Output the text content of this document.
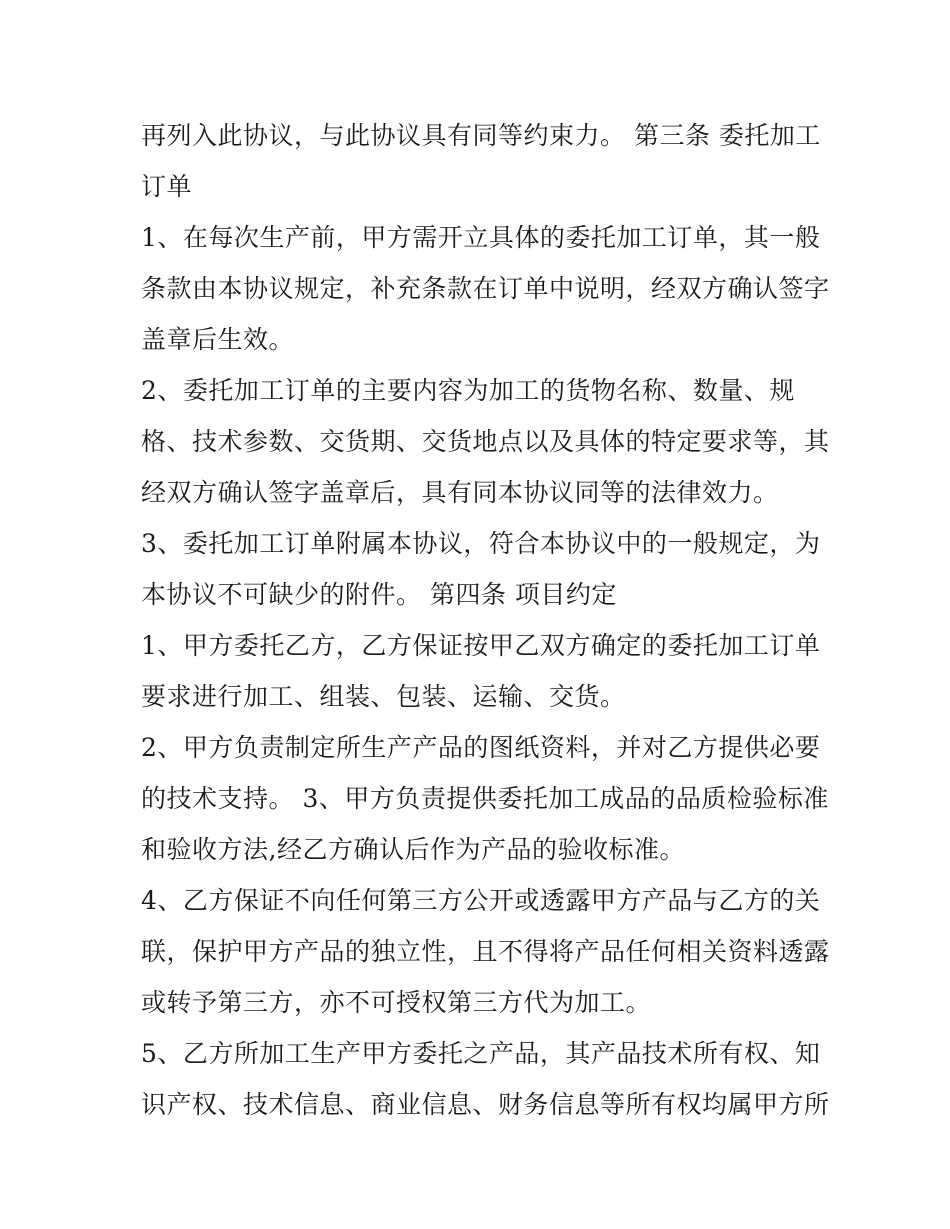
再列入此协议，与此协议具有同等约束力。 第三条 委托加工
订单
1、在每次生产前，甲方需开立具体的委托加工订单，其一般
条款由本协议规定，补充条款在订单中说明，经双方确认签字
盖章后生效。
2、委托加工订单的主要内容为加工的货物名称、数量、规
格、技术参数、交货期、交货地点以及具体的特定要求等，其
经双方确认签字盖章后，具有同本协议同等的法律效力。
3、委托加工订单附属本协议，符合本协议中的一般规定，为
本协议不可缺少的附件。 第四条 项目约定
1、甲方委托乙方，乙方保证按甲乙双方确定的委托加工订单
要求进行加工、组装、包装、运输、交货。
2、甲方负责制定所生产产品的图纸资料，并对乙方提供必要
的技术支持。 3、甲方负责提供委托加工成品的品质检验标准
和验收方法,经乙方确认后作为产品的验收标准。
4、乙方保证不向任何第三方公开或透露甲方产品与乙方的关
联，保护甲方产品的独立性，且不得将产品任何相关资料透露
或转予第三方，亦不可授权第三方代为加工。
5、乙方所加工生产甲方委托之产品，其产品技术所有权、知
识产权、技术信息、商业信息、财务信息等所有权均属甲方所
